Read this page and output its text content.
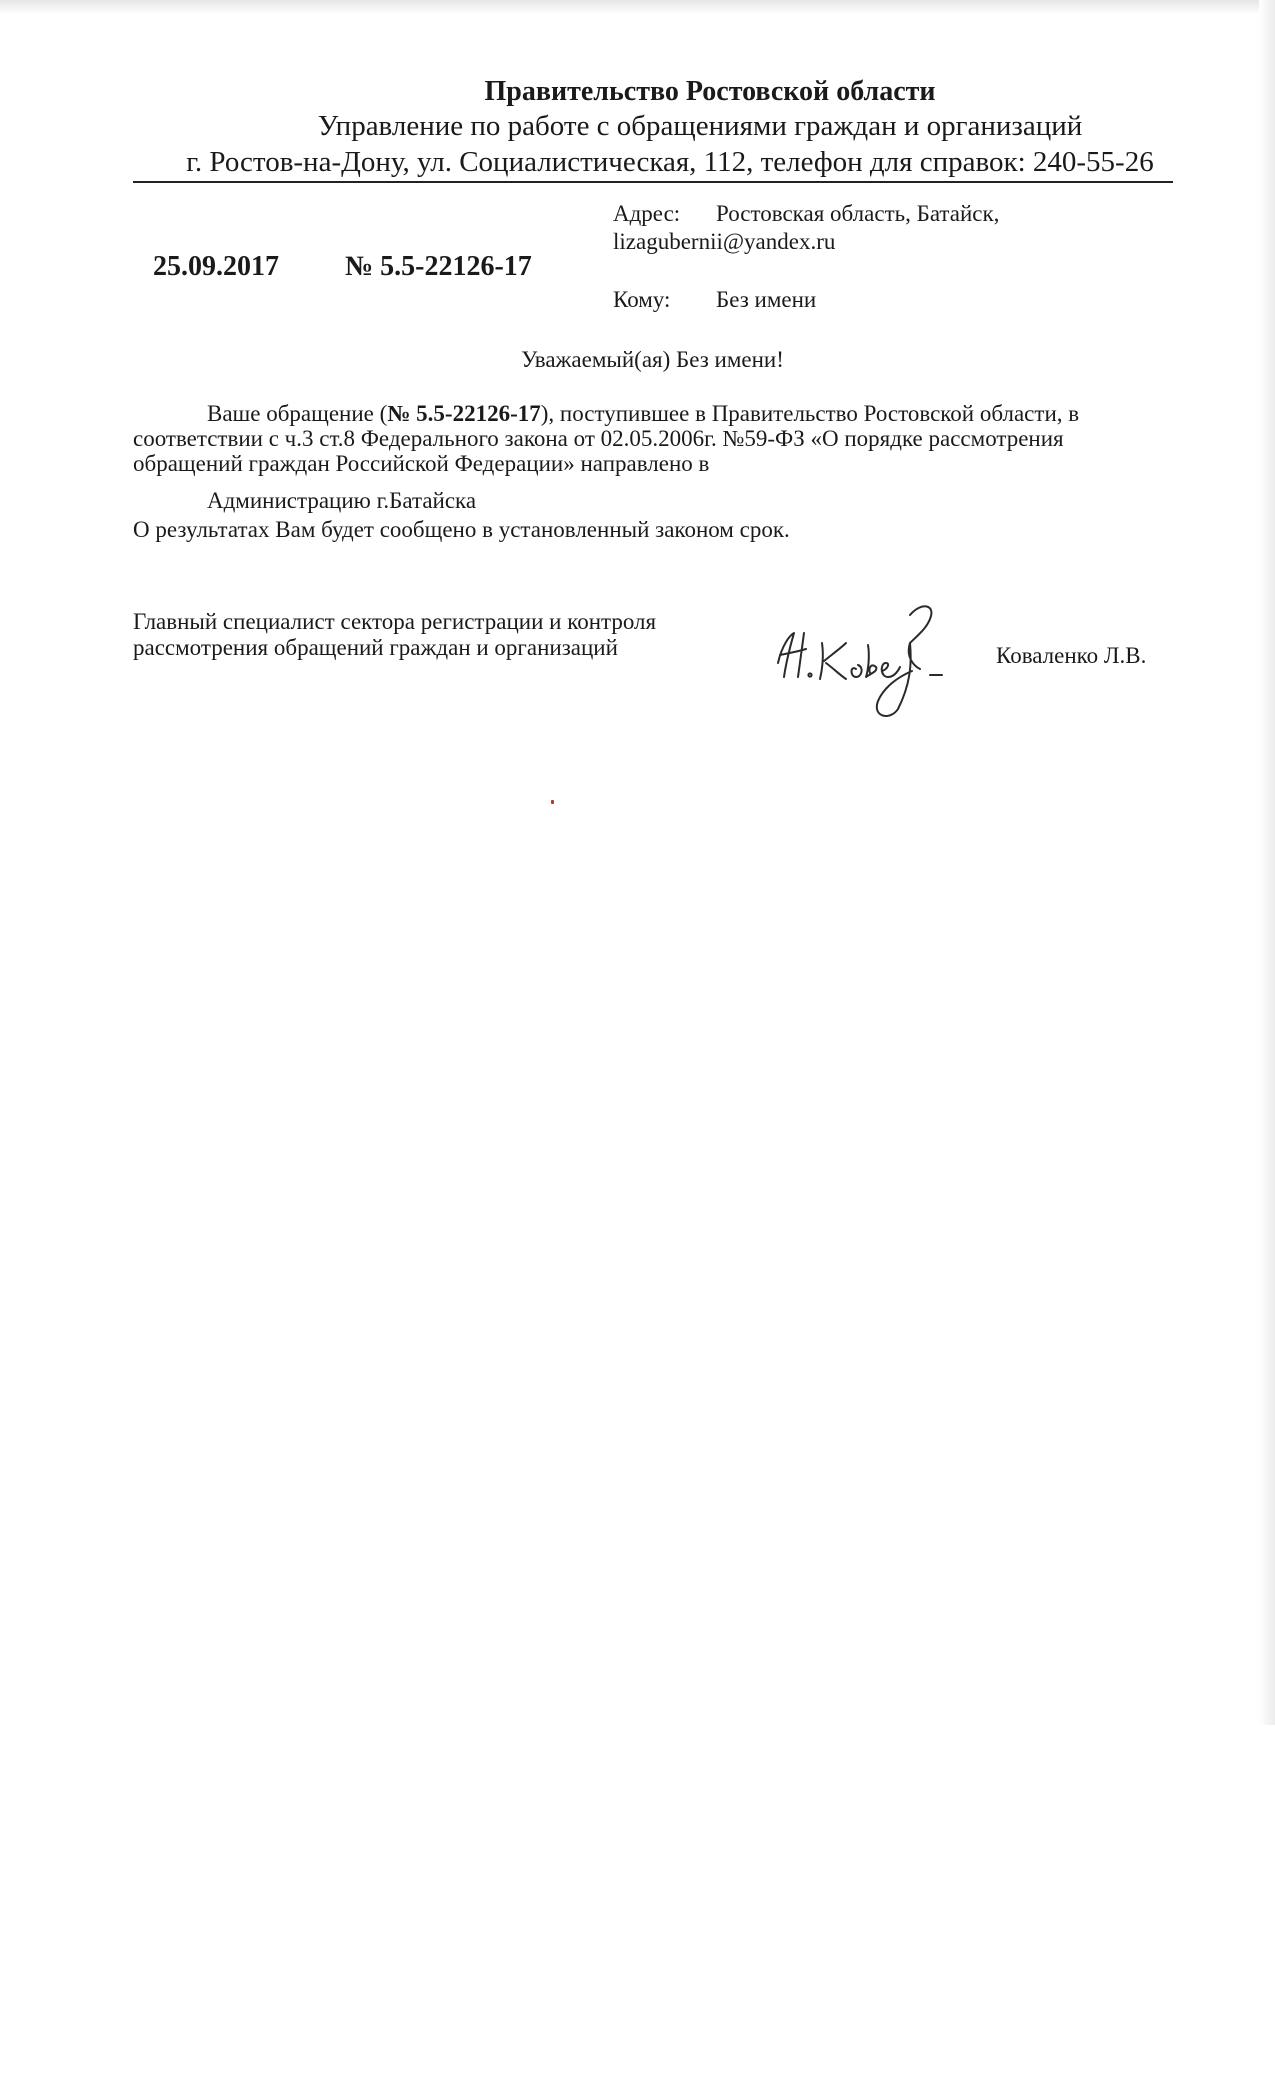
Правительство Ростовской области
Управление по работе с обращениями граждан и организаций
г. Ростов-на-Дону, ул. Социалистическая, 112, телефон для справок: 240-55-26
Адрес: Ростовская область, Батайск,
lizagubernii@yandex.ru
Кому: Без имени
25.09.2017 № 5.5-22126-17
Уважаемый(ая) Без имени!
Ваше обращение (№ 5.5-22126-17), поступившее в Правительство Ростовской области, в
соответствии с ч.3 ст.8 Федерального закона от 02.05.2006г. №59-ФЗ «О порядке рассмотрения
обращений граждан Российской Федерации» направлено в
Администрацию г.Батайска
О результатах Вам будет сообщено в установленный законом срок.
Главный специалист сектора регистрации и контроля
рассмотрения обращений граждан и организаций	Коваленко Л.В.
